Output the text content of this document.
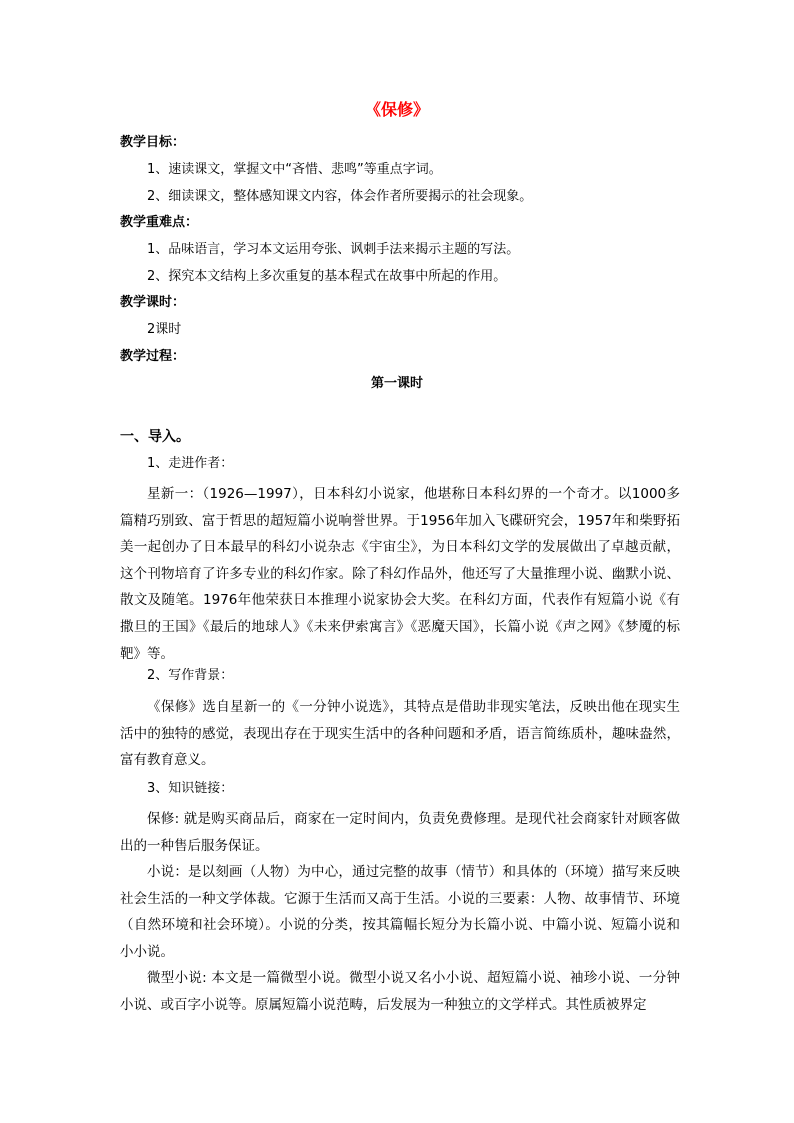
《保修》
教学目标：
1、速读课文，掌握文中“吝惜、悲鸣”等重点字词。
2、细读课文，整体感知课文内容，体会作者所要揭示的社会现象。
教学重难点：
1、品味语言，学习本文运用夸张、讽刺手法来揭示主题的写法。
2、探究本文结构上多次重复的基本程式在故事中所起的作用。
教学课时：
2课时
教学过程：
第一课时
一、导入。
1、走进作者：
星新一：（1926—1997），日本科幻小说家，他堪称日本科幻界的一个奇才。以1000多篇精巧别致、富于哲思的超短篇小说响誉世界。于1956年加入飞碟研究会，1957年和柴野拓美一起创办了日本最早的科幻小说杂志《宇宙尘》，为日本科幻文学的发展做出了卓越贡献，这个刊物培育了许多专业的科幻作家。除了科幻作品外，他还写了大量推理小说、幽默小说、散文及随笔。1976年他荣获日本推理小说家协会大奖。在科幻方面，代表作有短篇小说《有撒旦的王国》《最后的地球人》《未来伊索寓言》《恶魔天国》，长篇小说《声之网》《梦魇的标靶》等。
2、写作背景：
《保修》选自星新一的《一分钟小说选》，其特点是借助非现实笔法，反映出他在现实生活中的独特的感觉，表现出存在于现实生活中的各种问题和矛盾，语言简练质朴，趣味盎然，富有教育意义。
3、知识链接：
保修: 就是购买商品后，商家在一定时间内，负责免费修理。是现代社会商家针对顾客做出的一种售后服务保证。
小说：是以刻画（人物）为中心，通过完整的故事（情节）和具体的（环境）描写来反映社会生活的一种文学体裁。它源于生活而又高于生活。小说的三要素：人物、故事情节、环境（自然环境和社会环境）。小说的分类，按其篇幅长短分为长篇小说、中篇小说、短篇小说和小小说。
微型小说: 本文是一篇微型小说。微型小说又名小小说、超短篇小说、袖珍小说、一分钟小说、或百字小说等。原属短篇小说范畴，后发展为一种独立的文学样式。其性质被界定
